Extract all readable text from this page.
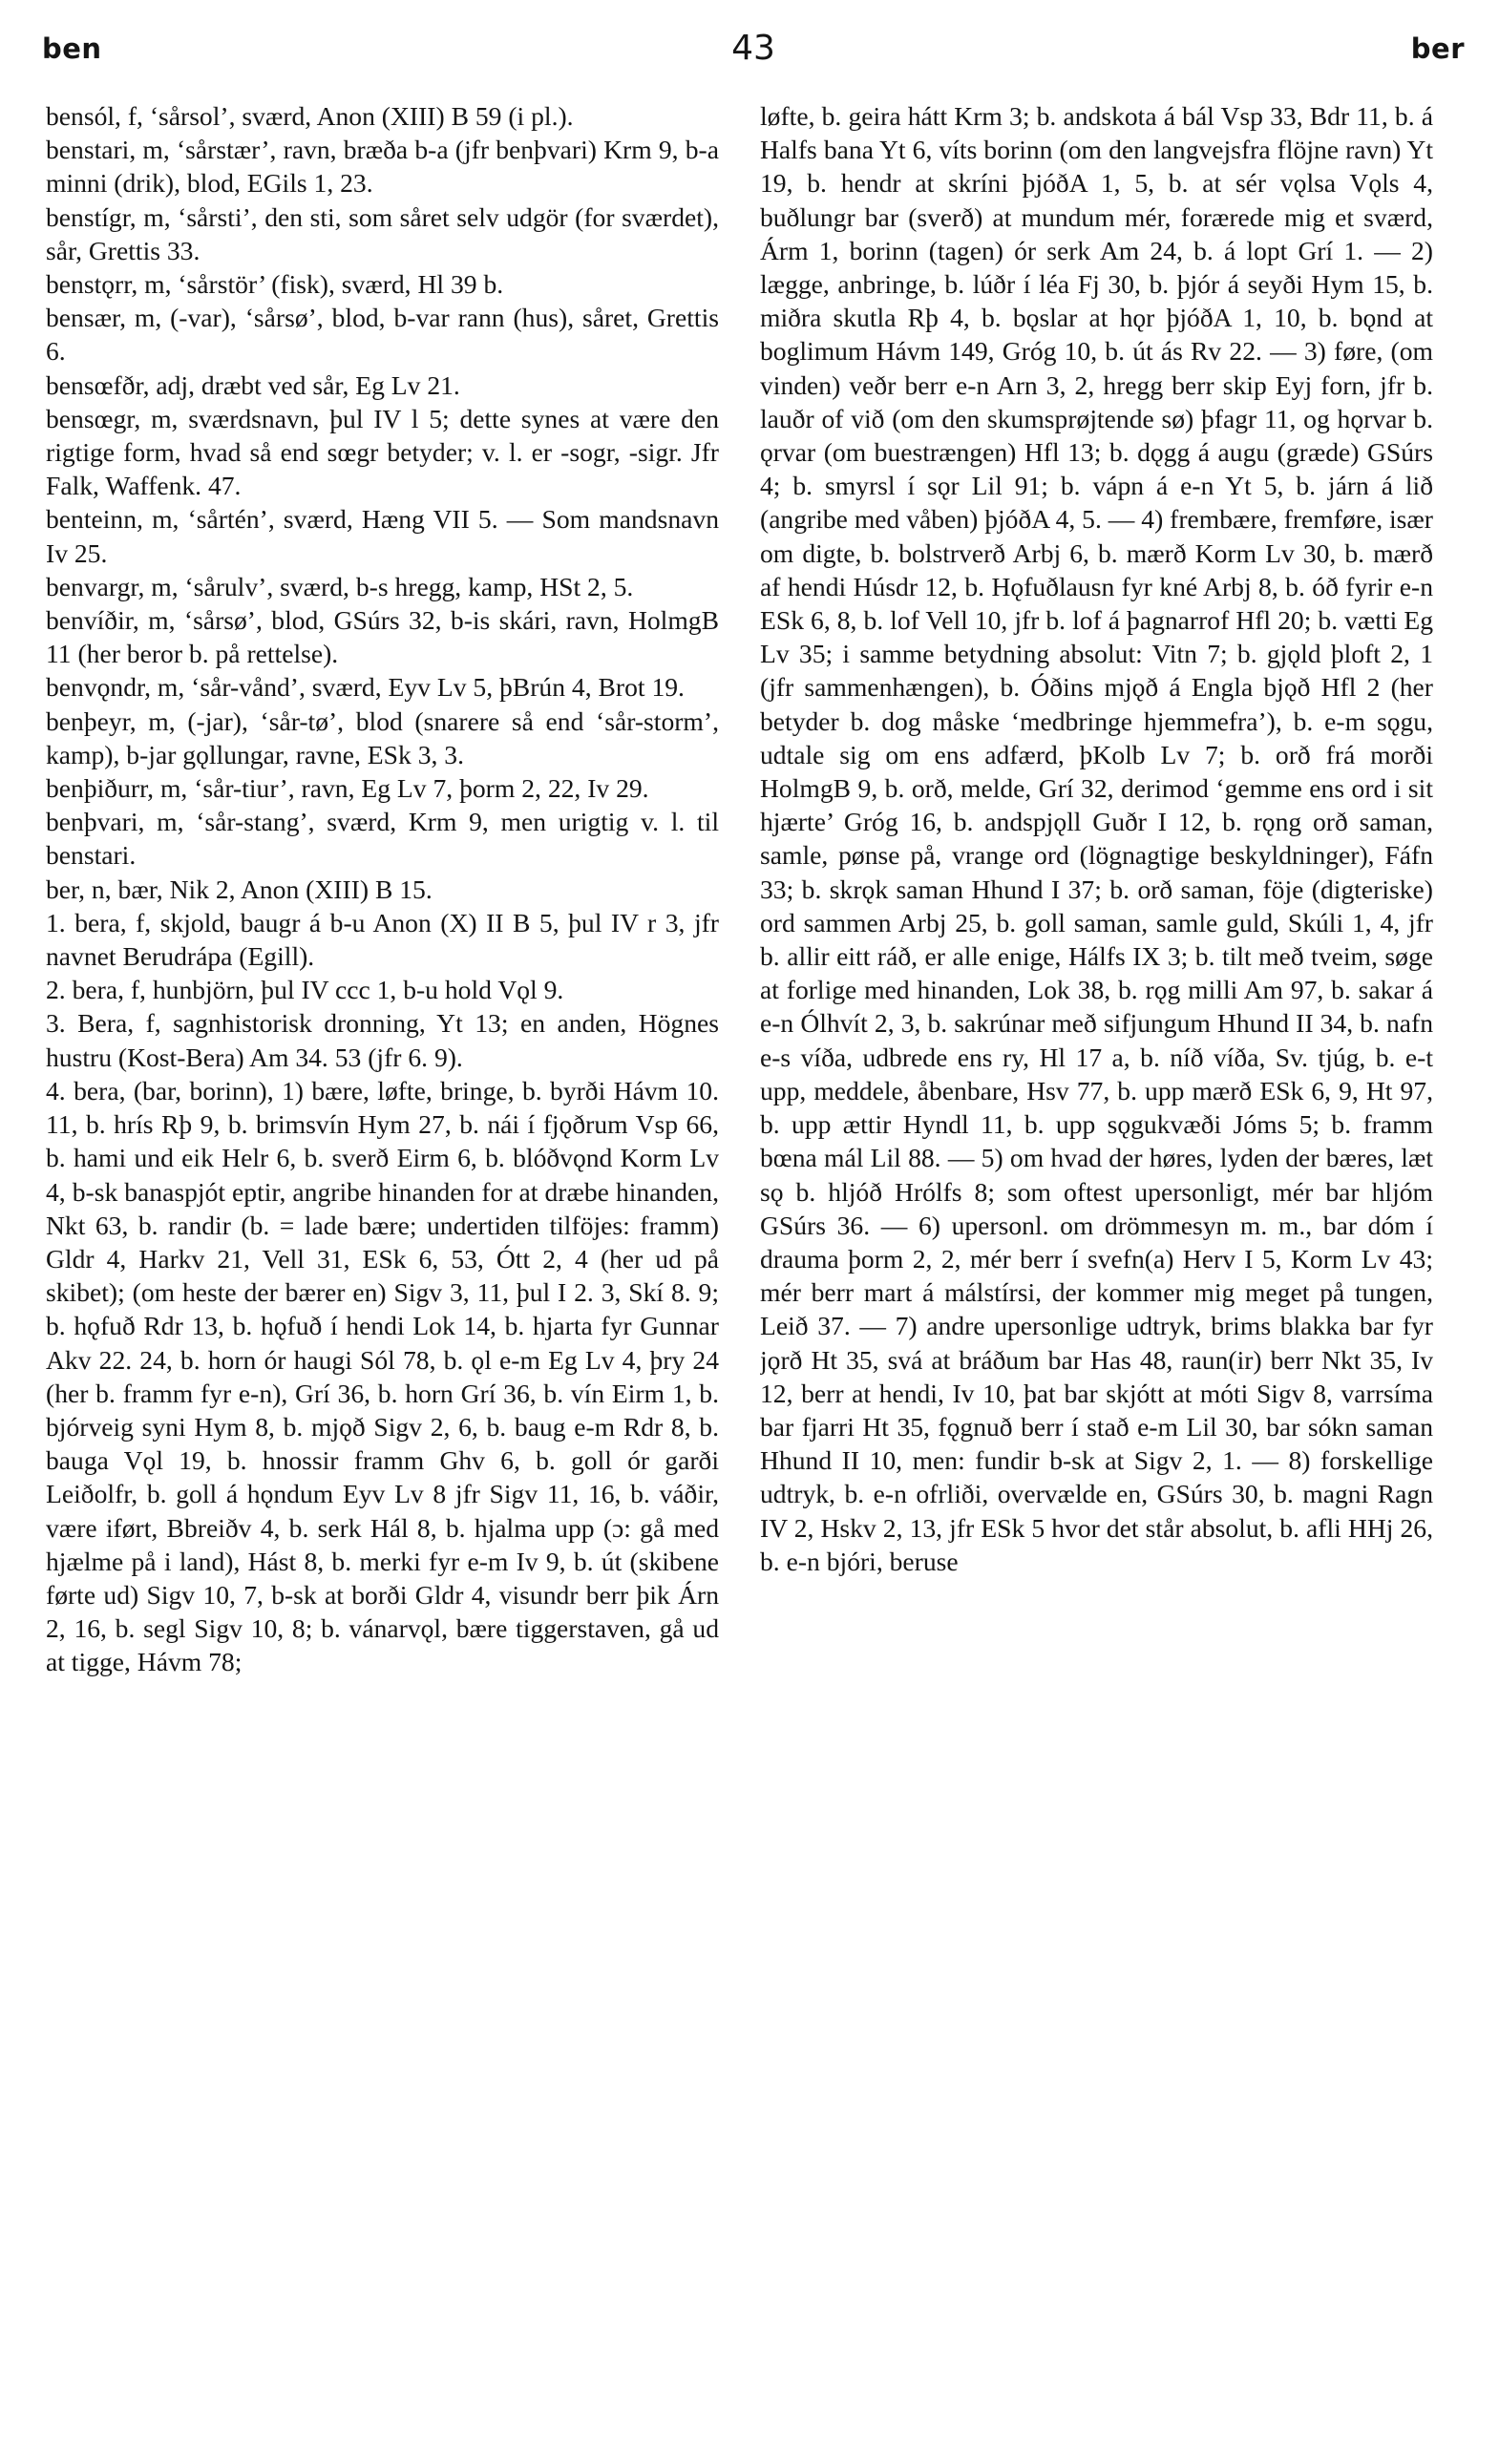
ben	43	ber

bensól, f, ‘sårsol’, sværd, Anon (XIII) B 59 (i pl.).

benstari, m, ‘sårstær’, ravn, bræða b-a (jfr benþvari) Krm 9, b-a minni (drik), blod, EGils 1, 23.

benstígr, m, ‘sårsti’, den sti, som såret selv udgör (for sværdet), sår, Grettis 33.

benstǫrr, m, ‘sårstör’ (fisk), sværd, Hl 39 b.

bensær, m, (-var), ‘sårsø’, blod, b-var rann (hus), såret, Grettis 6.

bensœfðr, adj, dræbt ved sår, Eg Lv 21.

bensœgr, m, sværdsnavn, þul IV l 5; dette synes at være den rigtige form, hvad så end sœgr betyder; v. l. er -sogr, -sigr. Jfr Falk, Waffenk. 47.

benteinn, m, ‘sårtén’, sværd, Hæng VII 5. — Som mandsnavn Iv 25.

benvargr, m, ‘sårulv’, sværd, b-s hregg, kamp, HSt 2, 5.

benvíðir, m, ‘sårsø’, blod, GSúrs 32, b-is skári, ravn, HolmgB 11 (her beror b. på rettelse).

benvǫndr, m, ‘sår-vånd’, sværd, Eyv Lv 5, þBrún 4, Brot 19.

benþeyr, m, (-jar), ‘sår-tø’, blod (snarere så end ‘sår-storm’, kamp), b-jar gǫllungar, ravne, ESk 3, 3.

benþiðurr, m, ‘sår-tiur’, ravn, Eg Lv 7, þorm 2, 22, Iv 29.

benþvari, m, ‘sår-stang’, sværd, Krm 9, men urigtig v. l. til benstari.

ber, n, bær, Nik 2, Anon (XIII) B 15.

1. bera, f, skjold, baugr á b-u Anon (X) II B 5, þul IV r 3, jfr navnet Berudrápa (Egill).

2. bera, f, hunbjörn, þul IV ccc 1, b-u hold Vǫl 9.

3. Bera, f, sagnhistorisk dronning, Yt 13; en anden, Högnes hustru (Kost-Bera) Am 34. 53 (jfr 6. 9).

4. bera, (bar, borinn), 1) bære, løfte, bringe, b. byrði Hávm 10. 11, b. hrís Rþ 9, b. brimsvín Hym 27, b. nái í fjǫðrum Vsp 66, b. hami und eik Helr 6, b. sverð Eirm 6, b. blóðvǫnd Korm Lv 4, b-sk banaspjót eptir, angribe hinanden for at dræbe hinanden, Nkt 63, b. randir (b. = lade bære; undertiden tilföjes: framm) Gldr 4, Harkv 21, Vell 31, ESk 6, 53, Ótt 2, 4 (her ud på skibet); (om heste der bærer en) Sigv 3, 11, þul I 2. 3, Skí 8. 9; b. hǫfuð Rdr 13, b. hǫfuð í hendi Lok 14, b. hjarta fyr Gunnar Akv 22. 24, b. horn ór haugi Sól 78, b. ǫl e-m Eg Lv 4, þry 24 (her b. framm fyr e-n), Grí 36, b. horn Grí 36, b. vín Eirm 1, b. bjórveig syni Hym 8, b. mjǫð Sigv 2, 6, b. baug e-m Rdr 8, b. bauga Vǫl 19, b. hnossir framm Ghv 6, b. goll ór garði Leiðolfr, b. goll á hǫndum Eyv Lv 8 jfr Sigv 11, 16, b. váðir, være iført, Bbreiðv 4, b. serk Hál 8, b. hjalma upp (ɔ: gå med hjælme på i land), Hást 8, b. merki fyr e-m Iv 9, b. út (skibene førte ud) Sigv 10, 7, b-sk at borði Gldr 4, visundr berr þik Árn 2, 16, b. segl Sigv 10, 8; b. vánarvǫl, bære tiggerstaven, gå ud at tigge, Hávm 78;

løfte, b. geira hátt Krm 3; b. andskota á bál Vsp 33, Bdr 11, b. á Halfs bana Yt 6, víts borinn (om den langvejsfra flöjne ravn) Yt 19, b. hendr at skríni þjóðA 1, 5, b. at sér vǫlsa Vǫls 4, buðlungr bar (sverð) at mundum mér, forærede mig et sværd, Árm 1, borinn (tagen) ór serk Am 24, b. á lopt Grí 1. — 2) lægge, anbringe, b. lúðr í léa Fj 30, b. þjór á seyði Hym 15, b. miðra skutla Rþ 4, b. bǫslar at hǫr þjóðA 1, 10, b. bǫnd at boglimum Hávm 149, Gróg 10, b. út ás Rv 22. — 3) føre, (om vinden) veðr berr e-n Arn 3, 2, hregg berr skip Eyj forn, jfr b. lauðr of við (om den skumsprøjtende sø) þfagr 11, og hǫrvar b. ǫrvar (om buestrængen) Hfl 13; b. dǫgg á augu (græde) GSúrs 4; b. smyrsl í sǫr Lil 91; b. vápn á e-n Yt 5, b. járn á lið (angribe med våben) þjóðA 4, 5. — 4) frembære, fremføre, især om digte, b. bolstrverð Arbj 6, b. mærð Korm Lv 30, b. mærð af hendi Húsdr 12, b. Hǫfuðlausn fyr kné Arbj 8, b. óð fyrir e-n ESk 6, 8, b. lof Vell 10, jfr b. lof á þagnarrof Hfl 20; b. vætti Eg Lv 35; i samme betydning absolut: Vitn 7; b. gjǫld þloft 2, 1 (jfr sammenhængen), b. Óðins mjǫð á Engla bjǫð Hfl 2 (her betyder b. dog måske ‘medbringe hjemmefra’), b. e-m sǫgu, udtale sig om ens adfærd, þKolb Lv 7; b. orð frá morði HolmgB 9, b. orð, melde, Grí 32, derimod ‘gemme ens ord i sit hjærte’ Gróg 16, b. andspjǫll Guðr I 12, b. rǫng orð saman, samle, pønse på, vrange ord (lögnagtige beskyldninger), Fáfn 33; b. skrǫk saman Hhund I 37; b. orð saman, föje (digteriske) ord sammen Arbj 25, b. goll saman, samle guld, Skúli 1, 4, jfr b. allir eitt ráð, er alle enige, Hálfs IX 3; b. tilt með tveim, søge at forlige med hinanden, Lok 38, b. rǫg milli Am 97, b. sakar á e-n Ólhvít 2, 3, b. sakrúnar með sifjungum Hhund II 34, b. nafn e-s víða, udbrede ens ry, Hl 17 a, b. níð víða, Sv. tjúg, b. e-t upp, meddele, åbenbare, Hsv 77, b. upp mærð ESk 6, 9, Ht 97, b. upp ættir Hyndl 11, b. upp sǫgukvæði Jóms 5; b. framm bœna mál Lil 88. — 5) om hvad der høres, lyden der bæres, læt sǫ b. hljóð Hrólfs 8; som oftest upersonligt, mér bar hljóm GSúrs 36. — 6) upersonl. om drömmesyn m. m., bar dóm í drauma þorm 2, 2, mér berr í svefn(a) Herv I 5, Korm Lv 43; mér berr mart á málstírsi, der kommer mig meget på tungen, Leið 37. — 7) andre upersonlige udtryk, brims blakka bar fyr jǫrð Ht 35, svá at bráðum bar Has 48, raun(ir) berr Nkt 35, Iv 12, berr at hendi, Iv 10, þat bar skjótt at móti Sigv 8, varrsíma bar fjarri Ht 35, fǫgnuð berr í stað e-m Lil 30, bar sókn saman Hhund II 10, men: fundir b-sk at Sigv 2, 1. — 8) forskellige udtryk, b. e-n ofrliði, overvælde en, GSúrs 30, b. magni Ragn IV 2, Hskv 2, 13, jfr ESk 5 hvor det står absolut, b. afli HHj 26, b. e-n bjóri, beruse
